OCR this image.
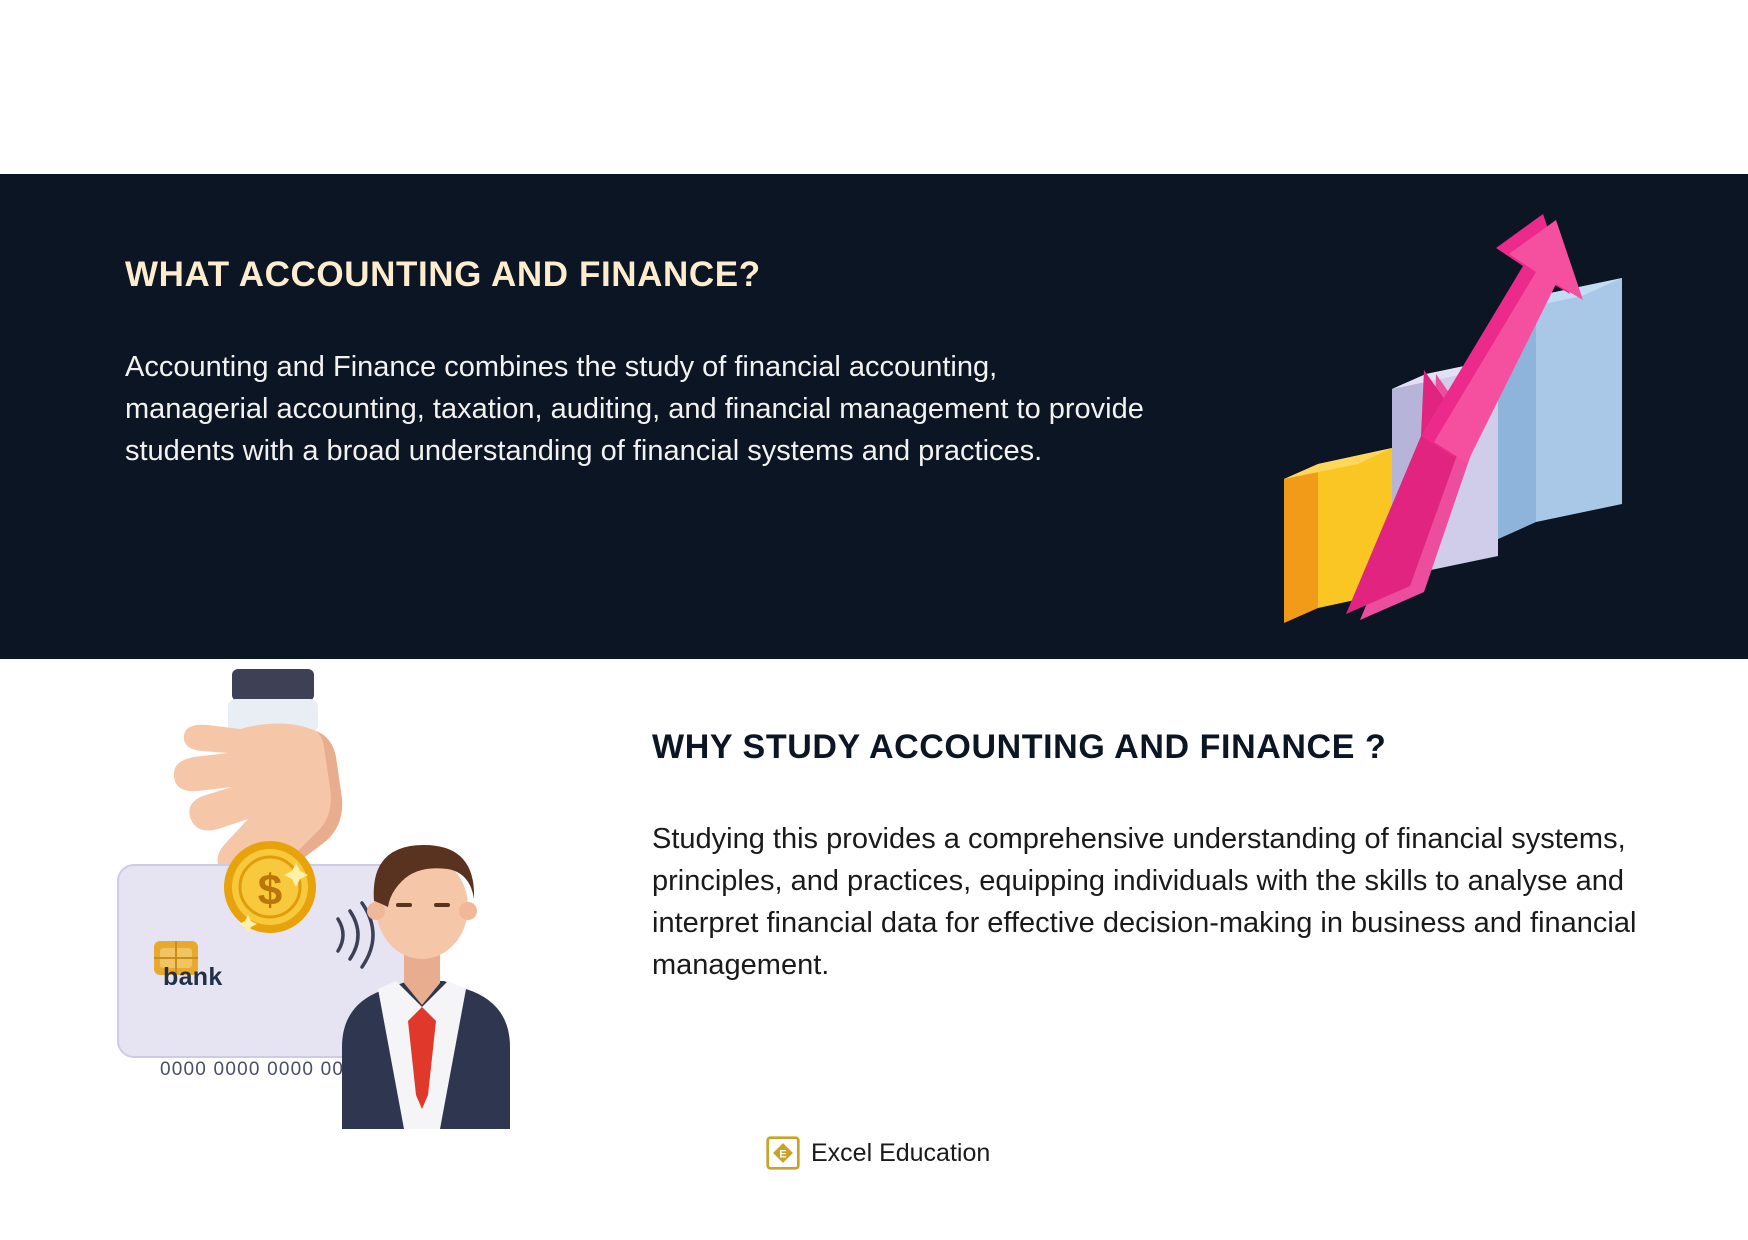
WHAT ACCOUNTING AND FINANCE?

Accounting and Finance combines the study of financial accounting, managerial accounting, taxation, auditing, and financial management to provide students with a broad understanding of financial systems and practices.

WHY STUDY ACCOUNTING AND FINANCE ?

Studying this provides a comprehensive understanding of financial systems, principles, and practices, equipping individuals with the skills to analyse and interpret financial data for effective decision-making in business and financial management.

$
bank
0000 0000 0000 00
E Excel Education
